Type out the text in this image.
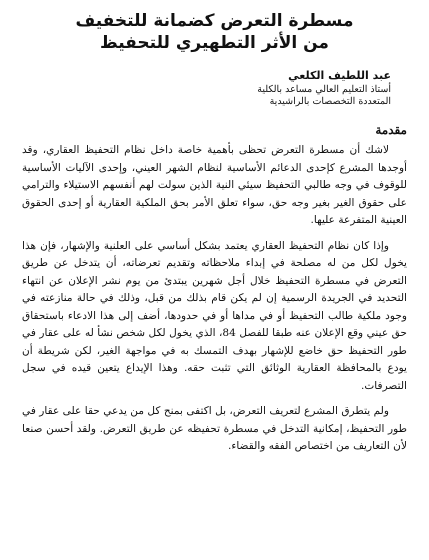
مسطرة التعرض كضمانة للتخفيف
من الأثر التطهيري للتحفيظ
عبد اللطيف الكلعي
أستاذ التعليم العالي مساعد بالكلية
المتعددة التخصصات بالراشيدية
مقدمة

لاشك أن مسطرة التعرض تحظى بأهمية خاصة داخل نظام التحفيظ العقاري، وقد أوجدها المشرع كإحدى الدعائم الأساسية لنظام الشهر العيني، وإحدى الآليات الأساسية للوقوف في وجه طالبي التحفيظ سيئي النية الذين سولت لهم أنفسهم الاستيلاء والترامي على حقوق الغير بغير وجه حق، سواء تعلق الأمر بحق الملكية العقارية أو إحدى الحقوق العينية المتفرعة عليها.

وإذا كان نظام التحفيظ العقاري يعتمد بشكل أساسي على العلنية والإشهار، فإن هذا يخول لكل من له مصلحة في إبداء ملاحظاته وتقديم تعرضاته، أن يتدخل عن طريق التعرض في مسطرة التحفيظ خلال أجل شهرين يبتدئ من يوم نشر الإعلان عن انتهاء التحديد في الجريدة الرسمية إن لم يكن قام بذلك من قبل، وذلك في حالة منازعته في وجود ملكية طالب التحفيظ أو في مداها أو في حدودها، أضف إلى هذا الادعاء باستحقاق حق عيني وقع الإعلان عنه طبقا للفصل 84، الذي يخول لكل شخص نشأ له على عقار في طور التحفيظ حق خاضع للإشهار بهدف التمسك به في مواجهة الغير، لكن شريطة أن يودع بالمحافظة العقارية الوثائق التي تثبت حقه. وهذا الإيداع يتعين قيده في سجل التصرفات.

ولم يتطرق المشرع لتعريف التعرض، بل اكتفى بمنح كل من يدعي حقا على عقار في طور التحفيظ، إمكانية التدخل في مسطرة تحفيظه عن طريق التعرض. ولقد أحسن صنعا لأن التعاريف من اختصاص الفقه والقضاء.
